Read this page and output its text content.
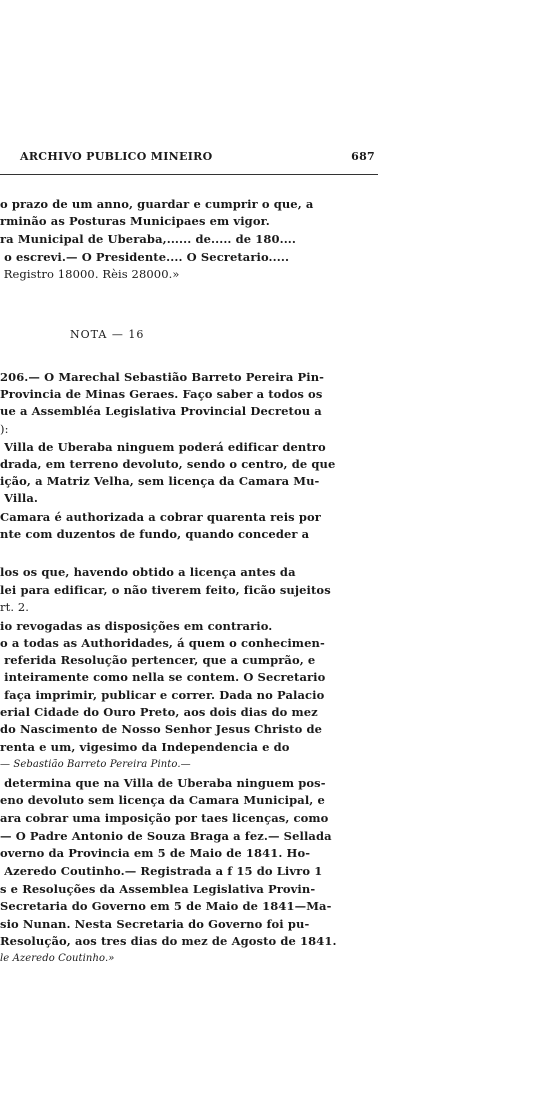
ARCHIVO PUBLICO MINEIRO	687
o prazo de um anno, guardar e cumprir o que, a
rminão as Posturas Municipaes em vigor.
ra Municipal de Uberaba,...... de..... de 180....
o escrevi.— O Presidente.... O Secretario.....
Registro 18000. Rèis 28000.»
NOTA — 16
206.— O Marechal Sebastião Barreto Pereira Pin-
Provincia de Minas Geraes. Faço saber a todos os
ue a Assembléa Legislativa Provincial Decretou a
):
Villa de Uberaba ninguem poderá edificar dentro
drada, em terreno devoluto, sendo o centro, de que
ição, a Matriz Velha, sem licença da Camara Mu-
Villa.
Camara é authorizada a cobrar quarenta reis por
nte com duzentos de fundo, quando conceder a
los os que, havendo obtido a licença antes da
lei para edificar, o não tiverem feito, ficão sujeitos
rt. 2.
io revogadas as disposições em contrario.
o a todas as Authoridades, á quem o conhecimen-
referida Resolução pertencer, que a cumprão, e
inteiramente como nella se contem. O Secretario
faça imprimir, publicar e correr. Dada no Palacio
erial Cidade do Ouro Preto, aos dois dias do mez
do Nascimento de Nosso Senhor Jesus Christo de
renta e um, vigesimo da Independencia e do
— Sebastião Barreto Pereira Pinto.—
determina que na Villa de Uberaba ninguem pos-
eno devoluto sem licença da Camara Municipal, e
ara cobrar uma imposição por taes licenças, como
— O Padre Antonio de Souza Braga a fez.— Sellada
overno da Provincia em 5 de Maio de 1841. Ho-
Azeredo Coutinho.— Registrada a f 15 do Livro 1
s e Resoluções da Assemblea Legislativa Provin-
Secretaria do Governo em 5 de Maio de 1841—Ma-
sio Nunan. Nesta Secretaria do Governo foi pu-
Resolução, aos tres dias do mez de Agosto de 1841.
le Azeredo Coutinho.»
